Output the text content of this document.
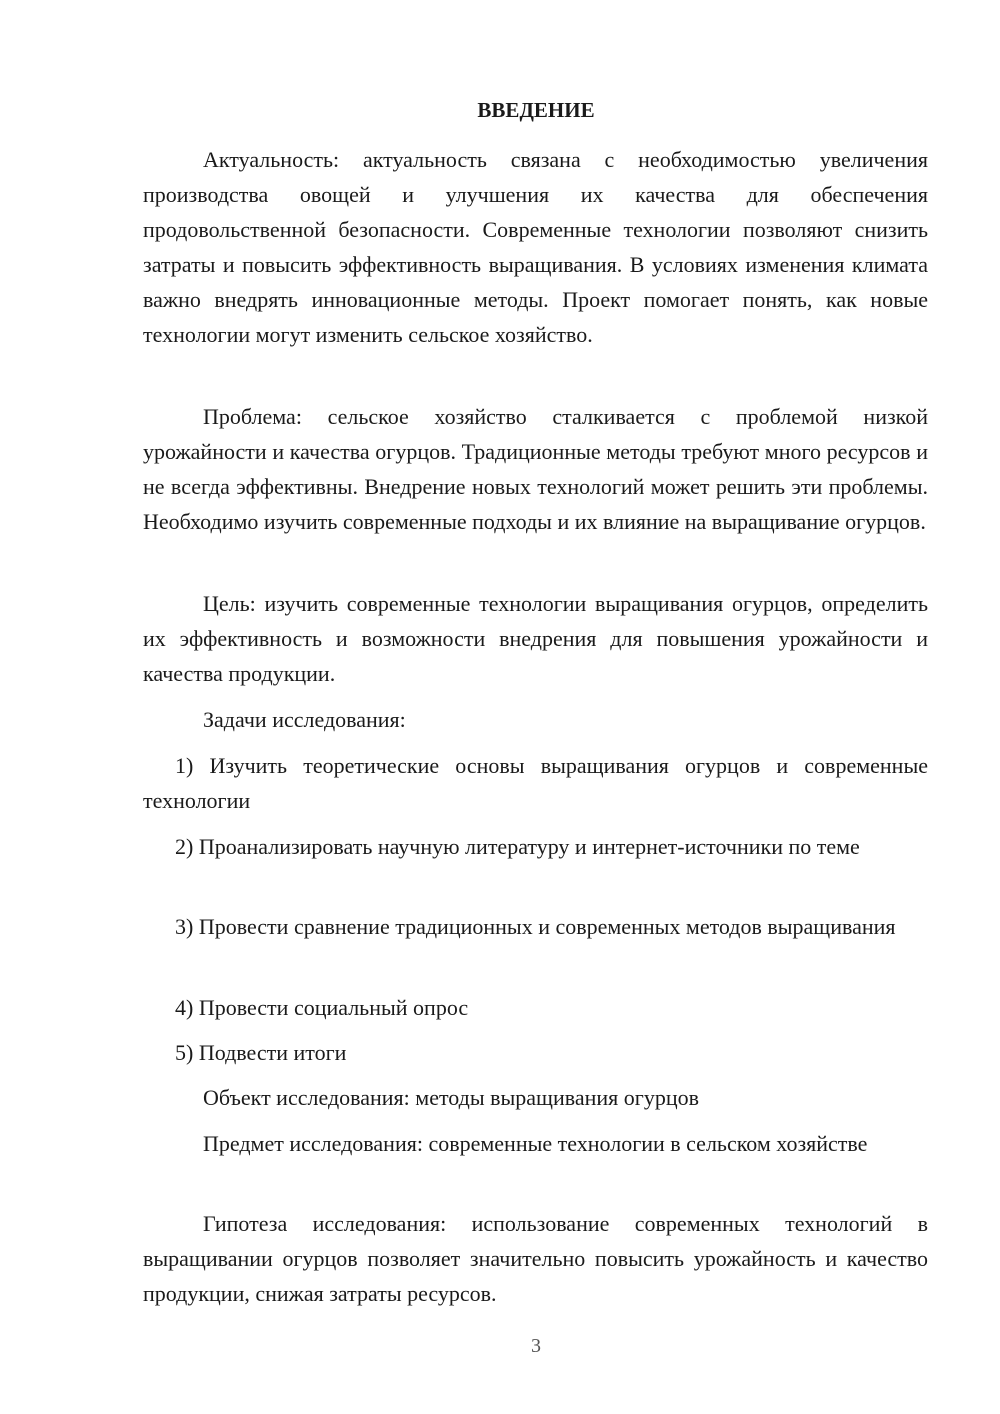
ВВЕДЕНИЕ

Актуальность: актуальность связана с необходимостью увеличения производства овощей и улучшения их качества для обеспечения продовольственной безопасности. Современные технологии позволяют снизить затраты и повысить эффективность выращивания. В условиях изменения климата важно внедрять инновационные методы. Проект помогает понять, как новые технологии могут изменить сельское хозяйство.

Проблема: сельское хозяйство сталкивается с проблемой низкой урожайности и качества огурцов. Традиционные методы требуют много ресурсов и не всегда эффективны. Внедрение новых технологий может решить эти проблемы. Необходимо изучить современные подходы и их влияние на выращивание огурцов.

Цель: изучить современные технологии выращивания огурцов, определить их эффективность и возможности внедрения для повышения урожайности и качества продукции.

Задачи исследования:

1) Изучить теоретические основы выращивания огурцов и современные технологии

2) Проанализировать научную литературу и интернет-источники по теме

3) Провести сравнение традиционных и современных методов выращивания

4) Провести социальный опрос

5) Подвести итоги

Объект исследования: методы выращивания огурцов

Предмет исследования: современные технологии в сельском хозяйстве

Гипотеза исследования: использование современных технологий в выращивании огурцов позволяет значительно повысить урожайность и качество продукции, снижая затраты ресурсов.

3
